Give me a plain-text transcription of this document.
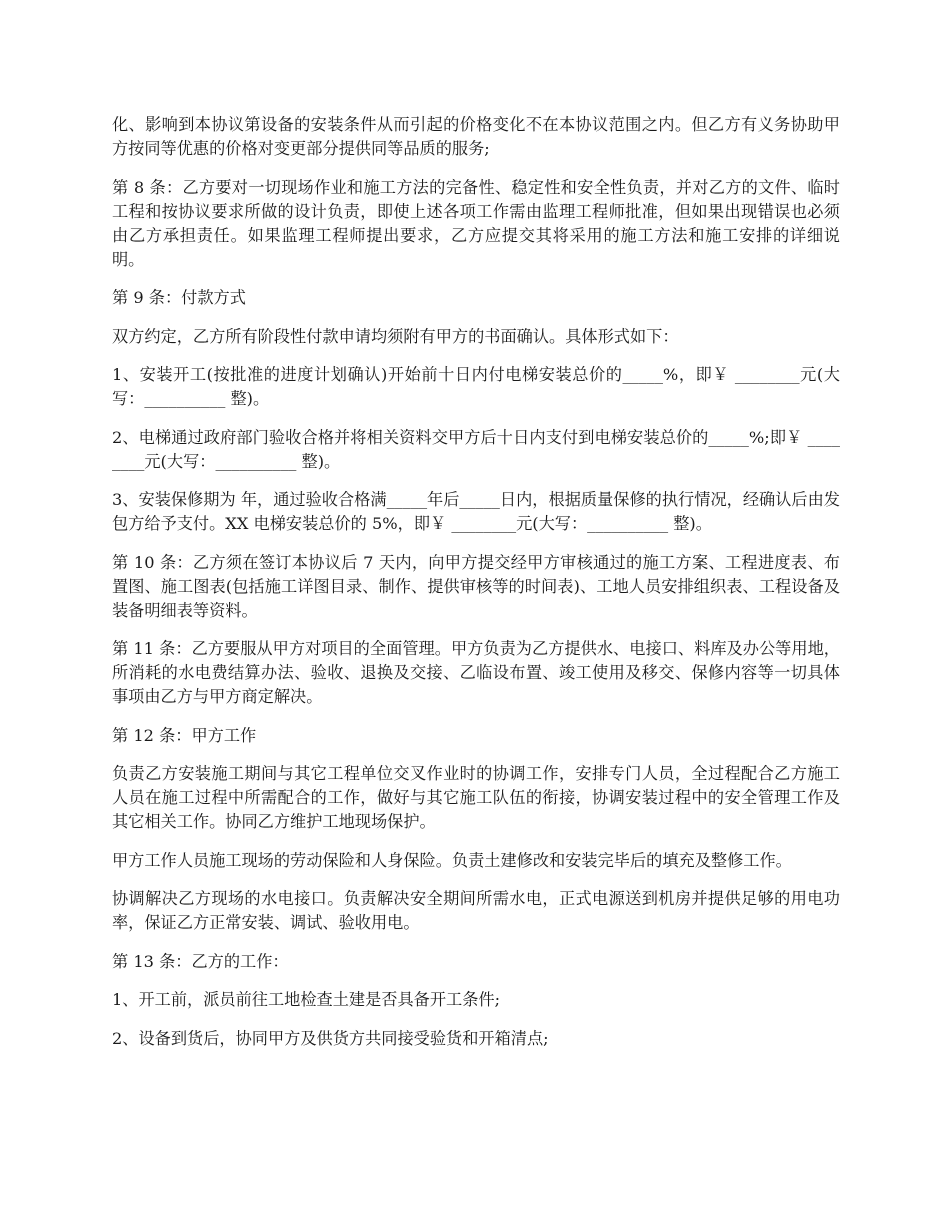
化、影响到本协议第设备的安装条件从而引起的价格变化不在本协议范围之内。但乙方有义务协助甲方按同等优惠的价格对变更部分提供同等品质的服务;

第 8 条：乙方要对一切现场作业和施工方法的完备性、稳定性和安全性负责，并对乙方的文件、临时工程和按协议要求所做的设计负责，即使上述各项工作需由监理工程师批准，但如果出现错误也必须由乙方承担责任。如果监理工程师提出要求，乙方应提交其将采用的施工方法和施工安排的详细说明。

第 9 条：付款方式

双方约定，乙方所有阶段性付款申请均须附有甲方的书面确认。具体形式如下：

1、安装开工(按批准的进度计划确认)开始前十日内付电梯安装总价的_____%，即￥ ________元(大写：__________ 整)。

2、电梯通过政府部门验收合格并将相关资料交甲方后十日内支付到电梯安装总价的_____%;即￥ ________元(大写：__________ 整)。

3、安装保修期为 年，通过验收合格满_____年后_____日内，根据质量保修的执行情况，经确认后由发包方给予支付。XX 电梯安装总价的 5%，即￥ ________元(大写：__________ 整)。

第 10 条：乙方须在签订本协议后 7 天内，向甲方提交经甲方审核通过的施工方案、工程进度表、布置图、施工图表(包括施工详图目录、制作、提供审核等的时间表)、工地人员安排组织表、工程设备及装备明细表等资料。

第 11 条：乙方要服从甲方对项目的全面管理。甲方负责为乙方提供水、电接口、料库及办公等用地，所消耗的水电费结算办法、验收、退换及交接、乙临设布置、竣工使用及移交、保修内容等一切具体事项由乙方与甲方商定解决。

第 12 条：甲方工作

负责乙方安装施工期间与其它工程单位交叉作业时的协调工作，安排专门人员，全过程配合乙方施工人员在施工过程中所需配合的工作，做好与其它施工队伍的衔接，协调安装过程中的安全管理工作及其它相关工作。协同乙方维护工地现场保护。

甲方工作人员施工现场的劳动保险和人身保险。负责土建修改和安装完毕后的填充及整修工作。

协调解决乙方现场的水电接口。负责解决安全期间所需水电，正式电源送到机房并提供足够的用电功率，保证乙方正常安装、调试、验收用电。

第 13 条：乙方的工作：

1、开工前，派员前往工地检查土建是否具备开工条件;

2、设备到货后，协同甲方及供货方共同接受验货和开箱清点;
